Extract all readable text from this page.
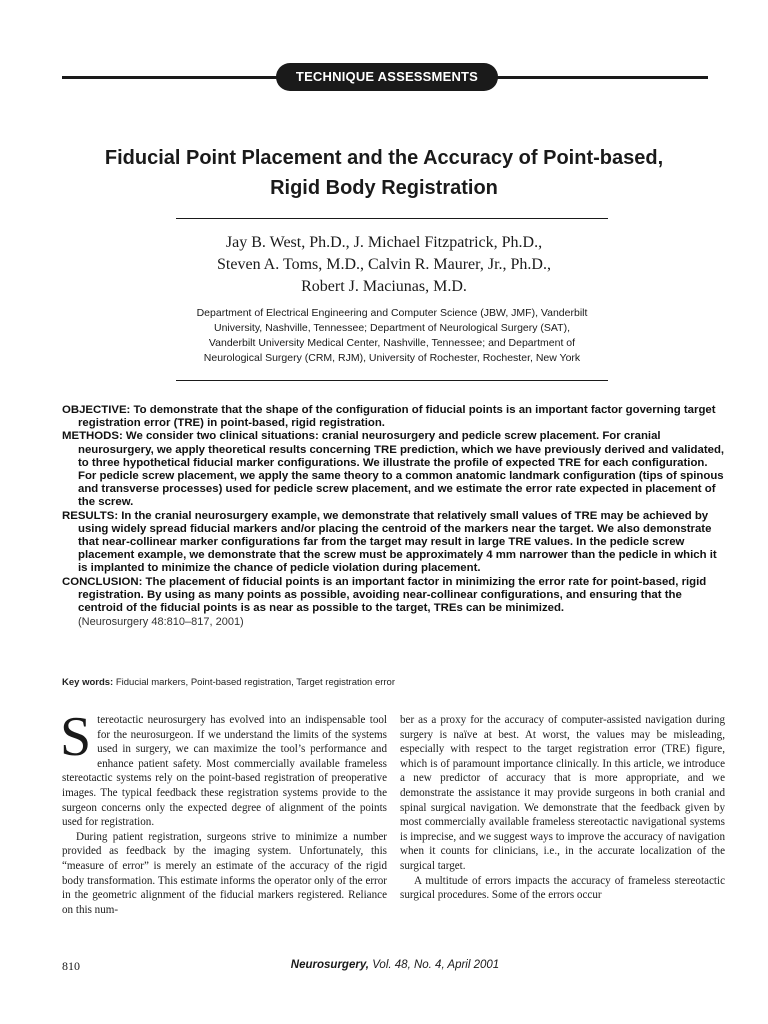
TECHNIQUE ASSESSMENTS
Fiducial Point Placement and the Accuracy of Point-based,
Rigid Body Registration
Jay B. West, Ph.D., J. Michael Fitzpatrick, Ph.D.,
Steven A. Toms, M.D., Calvin R. Maurer, Jr., Ph.D.,
Robert J. Maciunas, M.D.
Department of Electrical Engineering and Computer Science (JBW, JMF), Vanderbilt
University, Nashville, Tennessee; Department of Neurological Surgery (SAT),
Vanderbilt University Medical Center, Nashville, Tennessee; and Department of
Neurological Surgery (CRM, RJM), University of Rochester, Rochester, New York

OBJECTIVE: To demonstrate that the shape of the configuration of fiducial points is an important factor governing target registration error (TRE) in point-based, rigid registration.

METHODS: We consider two clinical situations: cranial neurosurgery and pedicle screw placement. For cranial neurosurgery, we apply theoretical results concerning TRE prediction, which we have previously derived and validated, to three hypothetical fiducial marker configurations. We illustrate the profile of expected TRE for each configuration. For pedicle screw placement, we apply the same theory to a common anatomic landmark configuration (tips of spinous and transverse processes) used for pedicle screw placement, and we estimate the error rate expected in placement of the screw.

RESULTS: In the cranial neurosurgery example, we demonstrate that relatively small values of TRE may be achieved by using widely spread fiducial markers and/or placing the centroid of the markers near the target. We also demonstrate that near-collinear marker configurations far from the target may result in large TRE values. In the pedicle screw placement example, we demonstrate that the screw must be approximately 4 mm narrower than the pedicle in which it is implanted to minimize the chance of pedicle violation during placement.

CONCLUSION: The placement of fiducial points is an important factor in minimizing the error rate for point-based, rigid registration. By using as many points as possible, avoiding near-collinear configurations, and ensuring that the centroid of the fiducial points is as near as possible to the target, TREs can be minimized.

(Neurosurgery 48:810–817, 2001)

Key words: Fiducial markers, Point-based registration, Target registration error

Stereotactic neurosurgery has evolved into an indispensable tool for the neurosurgeon. If we understand the limits of the systems used in surgery, we can maximize the tool’s performance and enhance patient safety. Most commercially available frameless stereotactic systems rely on the point-based registration of preoperative images. The typical feedback these registration systems provide to the surgeon concerns only the expected degree of alignment of the points used for registration.

During patient registration, surgeons strive to minimize a number provided as feedback by the imaging system. Unfortunately, this “measure of error” is merely an estimate of the accuracy of the rigid body transformation. This estimate informs the operator only of the error in the geometric alignment of the fiducial markers registered. Reliance on this num-

ber as a proxy for the accuracy of computer-assisted navigation during surgery is naïve at best. At worst, the values may be misleading, especially with respect to the target registration error (TRE) figure, which is of paramount importance clinically. In this article, we introduce a new predictor of accuracy that is more appropriate, and we demonstrate the assistance it may provide surgeons in both cranial and spinal surgical navigation. We demonstrate that the feedback given by most commercially available frameless stereotactic navigational systems is imprecise, and we suggest ways to improve the accuracy of navigation when it counts for clinicians, i.e., in the accurate localization of the surgical target.

A multitude of errors impacts the accuracy of frameless stereotactic surgical procedures. Some of the errors occur

810	Neurosurgery, Vol. 48, No. 4, April 2001
